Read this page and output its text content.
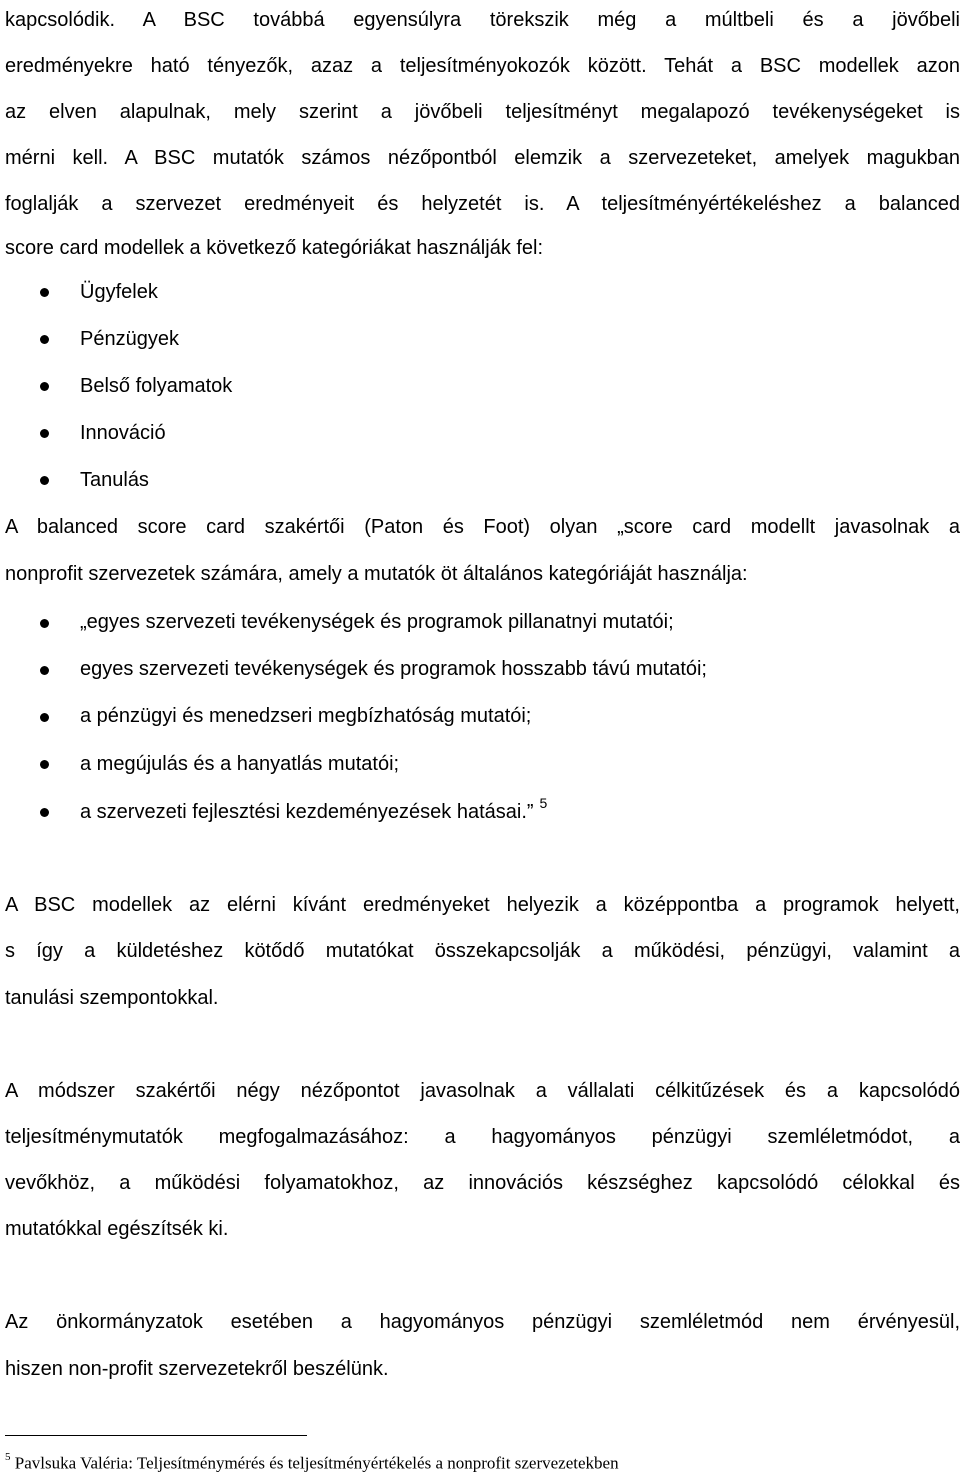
kapcsolódik. A BSC továbbá egyensúlyra törekszik még a múltbeli és a jövőbeli
eredményekre ható tényezők, azaz a teljesítményokozók között. Tehát a BSC modellek azon
az elven alapulnak, mely szerint a jövőbeli teljesítményt megalapozó tevékenységeket is
mérni kell. A BSC mutatók számos nézőpontból elemzik a szervezeteket, amelyek magukban
foglalják a szervezet eredményeit és helyzetét is. A teljesítményértékeléshez a balanced
score card modellek a következő kategóriákat használják fel:
Ügyfelek
Pénzügyek
Belső folyamatok
Innováció
Tanulás
A balanced score card szakértői (Paton és Foot) olyan „score card modellt javasolnak a
nonprofit szervezetek számára, amely a mutatók öt általános kategóriáját használja:
„egyes szervezeti tevékenységek és programok pillanatnyi mutatói;
egyes szervezeti tevékenységek és programok hosszabb távú mutatói;
a pénzügyi és menedzseri megbízhatóság mutatói;
a megújulás és a hanyatlás mutatói;
a szervezeti fejlesztési kezdeményezések hatásai.” $^5$
A BSC modellek az elérni kívánt eredményeket helyezik a középpontba a programok helyett,
s így a küldetéshez kötődő mutatókat összekapcsolják a működési, pénzügyi, valamint a
tanulási szempontokkal.
A módszer szakértői négy nézőpontot javasolnak a vállalati célkitűzések és a kapcsolódó
teljesítménymutatók megfogalmazásához: a hagyományos pénzügyi szemléletmódot, a
vevőkhöz, a működési folyamatokhoz, az innovációs készséghez kapcsolódó célokkal és
mutatókkal egészítsék ki.
Az önkormányzatok esetében a hagyományos pénzügyi szemléletmód nem érvényesül,
hiszen non-profit szervezetekről beszélünk.
$^5$ Pavlsuka Valéria: Teljesítménymérés és teljesítményértékelés a nonprofit szervezetekben
